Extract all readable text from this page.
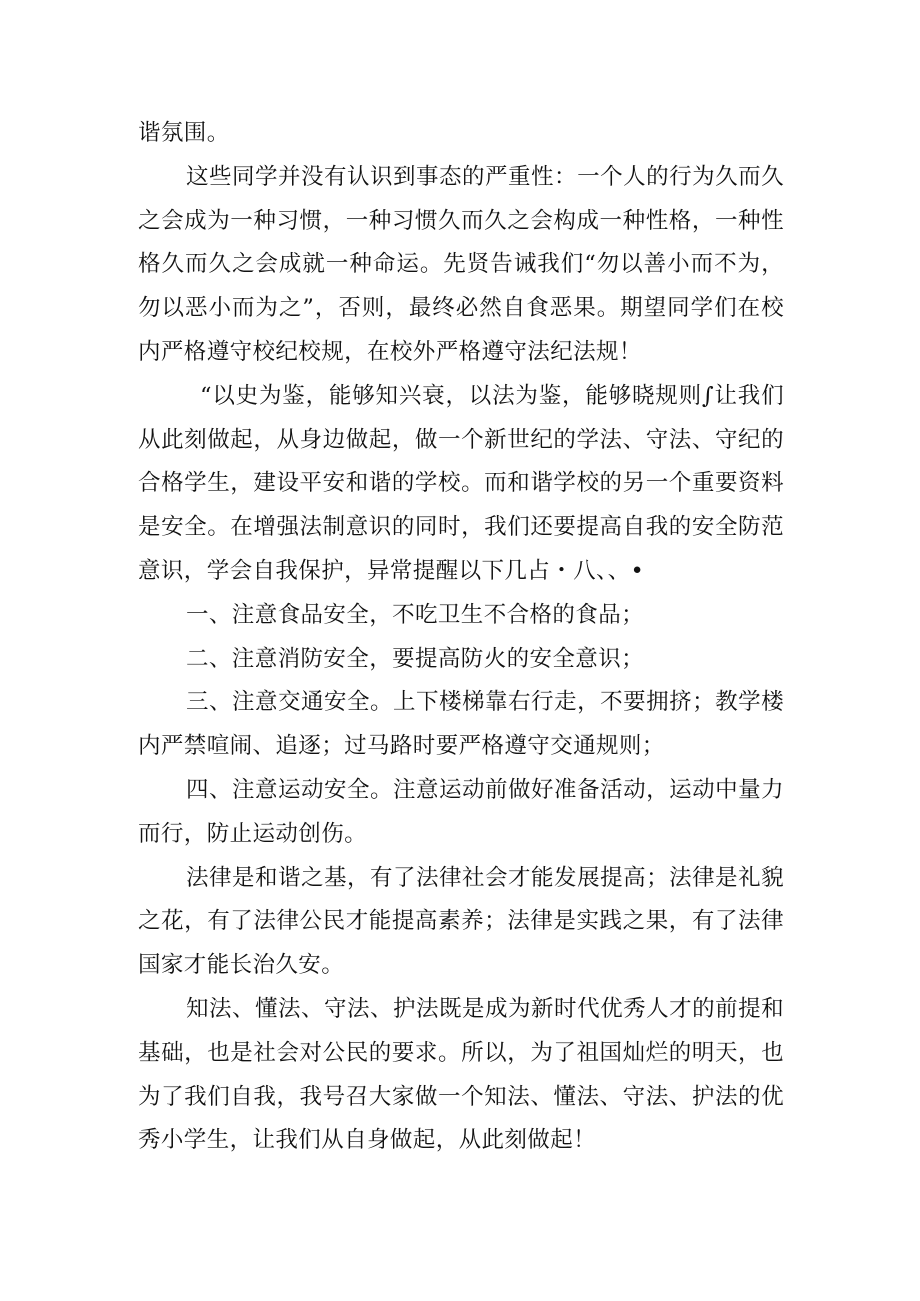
谐氛围。

这些同学并没有认识到事态的严重性：一个人的行为久而久之会成为一种习惯，一种习惯久而久之会构成一种性格，一种性格久而久之会成就一种命运。先贤告诫我们“勿以善小而不为，勿以恶小而为之”，否则，最终必然自食恶果。期望同学们在校内严格遵守校纪校规，在校外严格遵守法纪法规！

“以史为鉴，能够知兴衰，以法为鉴，能够晓规则∫让我们从此刻做起，从身边做起，做一个新世纪的学法、守法、守纪的合格学生，建设平安和谐的学校。而和谐学校的另一个重要资料是安全。在增强法制意识的同时，我们还要提高自我的安全防范意识，学会自我保护，异常提醒以下几占・八、、•

一、注意食品安全，不吃卫生不合格的食品；

二、注意消防安全，要提高防火的安全意识；

三、注意交通安全。上下楼梯靠右行走，不要拥挤；教学楼内严禁喧闹、追逐；过马路时要严格遵守交通规则；

四、注意运动安全。注意运动前做好准备活动，运动中量力而行，防止运动创伤。

法律是和谐之基，有了法律社会才能发展提高；法律是礼貌之花，有了法律公民才能提高素养；法律是实践之果，有了法律国家才能长治久安。

知法、懂法、守法、护法既是成为新时代优秀人才的前提和基础，也是社会对公民的要求。所以，为了祖国灿烂的明天，也为了我们自我，我号召大家做一个知法、懂法、守法、护法的优秀小学生，让我们从自身做起，从此刻做起！
